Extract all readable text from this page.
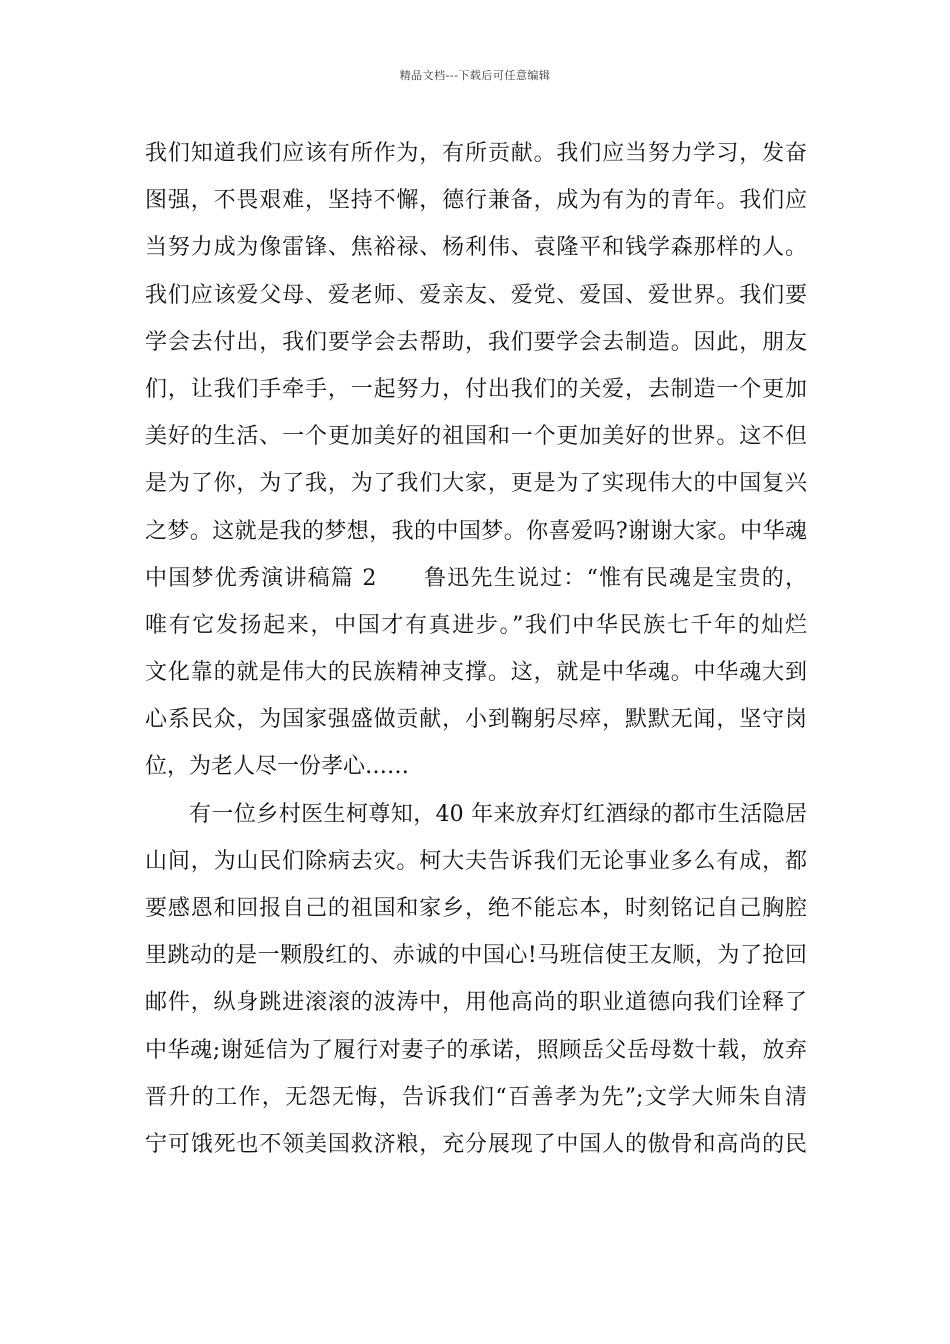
精品文档---下载后可任意编辑
我们知道我们应该有所作为，有所贡献。我们应当努力学习，发奋
图强，不畏艰难，坚持不懈，德行兼备，成为有为的青年。我们应
当努力成为像雷锋、焦裕禄、杨利伟、袁隆平和钱学森那样的人。
我们应该爱父母、爱老师、爱亲友、爱党、爱国、爱世界。我们要
学会去付出，我们要学会去帮助，我们要学会去制造。因此，朋友
们，让我们手牵手，一起努力，付出我们的关爱，去制造一个更加
美好的生活、一个更加美好的祖国和一个更加美好的世界。这不但
是为了你，为了我，为了我们大家，更是为了实现伟大的中国复兴
之梦。这就是我的梦想，我的中国梦。你喜爱吗?谢谢大家。中华魂
中国梦优秀演讲稿篇 2　　鲁迅先生说过：“惟有民魂是宝贵的，
唯有它发扬起来，中国才有真进步。”我们中华民族七千年的灿烂
文化靠的就是伟大的民族精神支撑。这，就是中华魂。中华魂大到
心系民众，为国家强盛做贡献，小到鞠躬尽瘁，默默无闻，坚守岗
位，为老人尽一份孝心……
有一位乡村医生柯尊知，40 年来放弃灯红酒绿的都市生活隐居
山间，为山民们除病去灾。柯大夫告诉我们无论事业多么有成，都
要感恩和回报自己的祖国和家乡，绝不能忘本，时刻铭记自己胸腔
里跳动的是一颗殷红的、赤诚的中国心!马班信使王友顺，为了抢回
邮件，纵身跳进滚滚的波涛中，用他高尚的职业道德向我们诠释了
中华魂;谢延信为了履行对妻子的承诺，照顾岳父岳母数十载，放弃
晋升的工作，无怨无悔，告诉我们“百善孝为先”;文学大师朱自清
宁可饿死也不领美国救济粮，充分展现了中国人的傲骨和高尚的民
